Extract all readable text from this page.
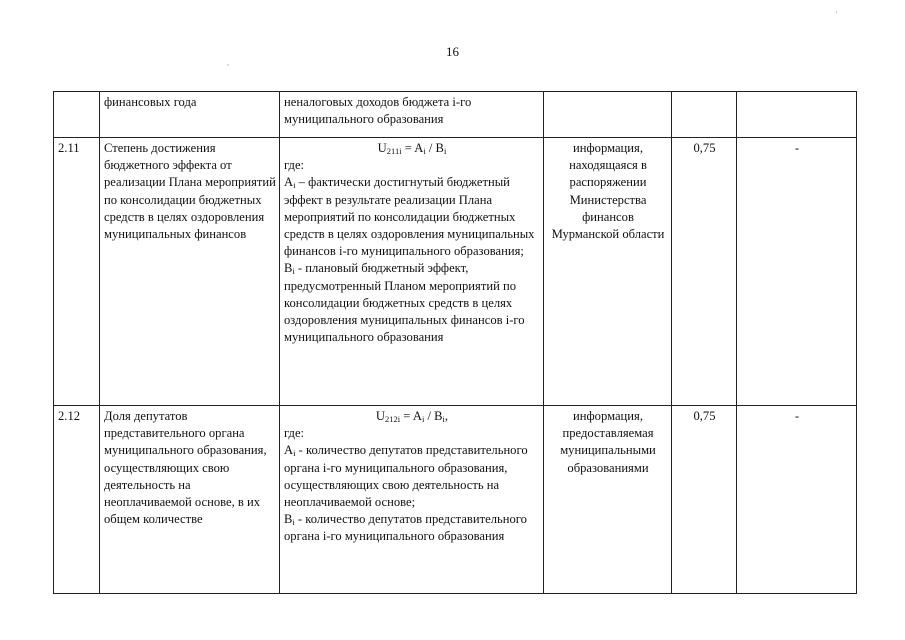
16
,
'
	финансовых года	неналоговых доходов бюджета i-го муниципального образования			
2.11	Степень достижения бюджетного эффекта от реализации Плана мероприятий по консолидации бюджетных средств в целях оздоровления муниципальных финансов	$U_{211i} = A_i / B_i$
где:
$A_i$ – фактически достигнутый бюджетный эффект в результате реализации Плана мероприятий по консолидации бюджетных средств в целях оздоровления муниципальных финансов i-го муниципального образования;
$B_i$ - плановый бюджетный эффект, предусмотренный Планом мероприятий по консолидации бюджетных средств в целях оздоровления муниципальных финансов i-го муниципального образования	информация, находящаяся в распоряжении Министерства финансов Мурманской области	0,75	-
2.12	Доля депутатов представительного органа муниципального образования, осуществляющих свою деятельность на неоплачиваемой основе, в их общем количестве	$U_{212i} = A_i / B_i$,
где:
$A_i$ - количество депутатов представительного органа i-го муниципального образования, осуществляющих свою деятельность на неоплачиваемой основе;
$B_i$ - количество депутатов представительного органа i-го муниципального образования	информация, предоставляемая муниципальными образованиями	0,75	-
